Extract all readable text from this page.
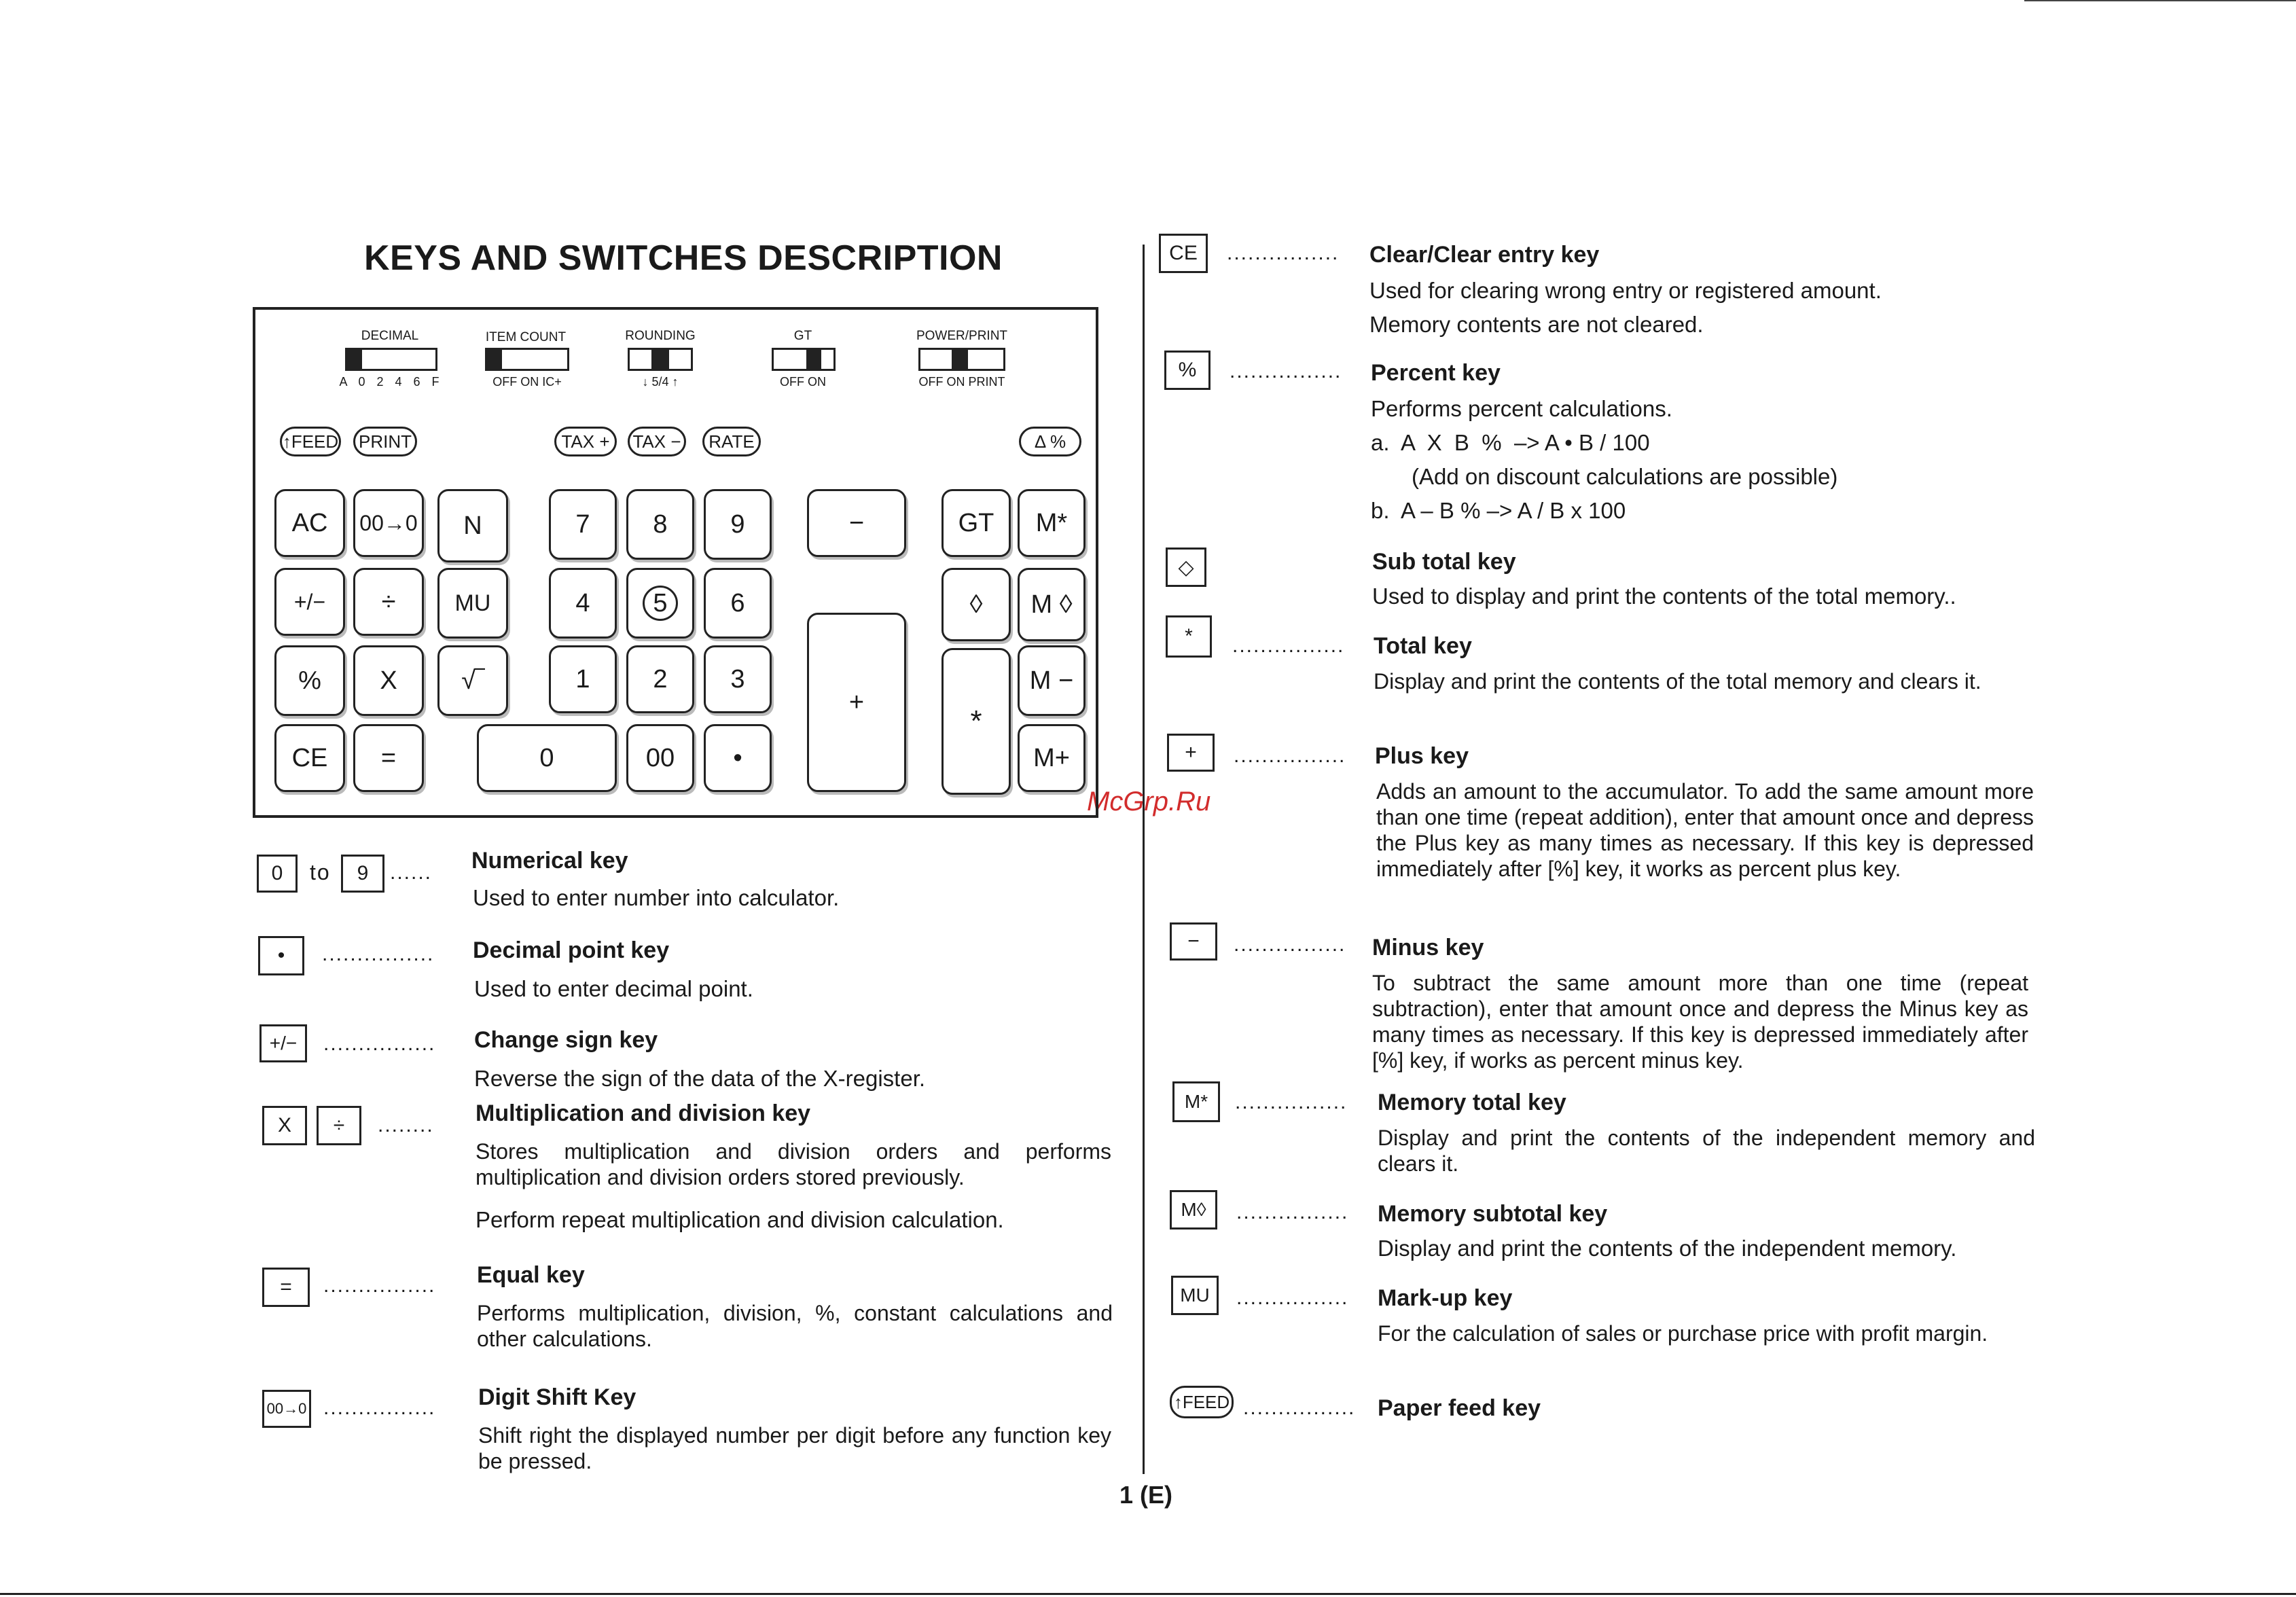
KEYS AND SWITCHES DESCRIPTION
McGrp.Ru
1 (E)
DECIMAL
A 0 2 4 6 F
ITEM COUNT
OFF ON IC+
ROUNDING
↓ 5/4 ↑
GT
OFF ON
POWER/PRINT
OFF ON PRINT
↑FEED	PRINT	TAX +	TAX −	RATE	Δ %
AC	00→0	N	7	8	9	−	GT	M*
+/−	÷	MU	4	5	6	◊	M ◊
%	X	√‾	1	2	3
+
*
M −
CE	=	0	00	•	M+
0	to	9	...... Numerical key
Used to enter number into calculator.
•	................ Decimal point key
Used to enter decimal point.
+/−	................ Change sign key
Reverse the sign of the data of the X-register.
X	÷	........ Multiplication and division key
Stores multiplication and division orders and performs multiplication and division orders stored previously.
Perform repeat multiplication and division calculation.
=	................ Equal key
Performs multiplication, division, %, constant calculations and other calculations.
00→0 ................ Digit Shift Key
Shift right the displayed number per digit before any function key be pressed.
CE	................ Clear/Clear entry key
Used for clearing wrong entry or registered amount.
Memory contents are not cleared.
%	................ Percent key
Performs percent calculations.
a.  A  X  B  %  –> A • B / 100
(Add on discount calculations are possible)
b.  A – B % –> A / B x 100
◇	Sub total key
Used to display and print the contents of the total memory..
*	................ Total key
Display and print the contents of the total memory and clears it.
+	................ Plus key
Adds an amount to the accumulator. To add the same amount more than one time (repeat addition), enter that amount once and depress the Plus key as many times as necessary. If this key is depressed immediately after [%] key, it works as percent plus key.
−	................ Minus key
To subtract the same amount more than one time (repeat subtraction), enter that amount once and depress the Minus key as many times as necessary. If this key is depressed immediately after [%] key, if works as percent minus key.
M*	................ Memory total key
Display and print the contents of the independent memory and clears it.
M◊	................ Memory subtotal key
Display and print the contents of the independent memory.
MU	................ Mark-up key
For the calculation of sales or purchase price with profit margin.
↑FEED ................ Paper feed key
